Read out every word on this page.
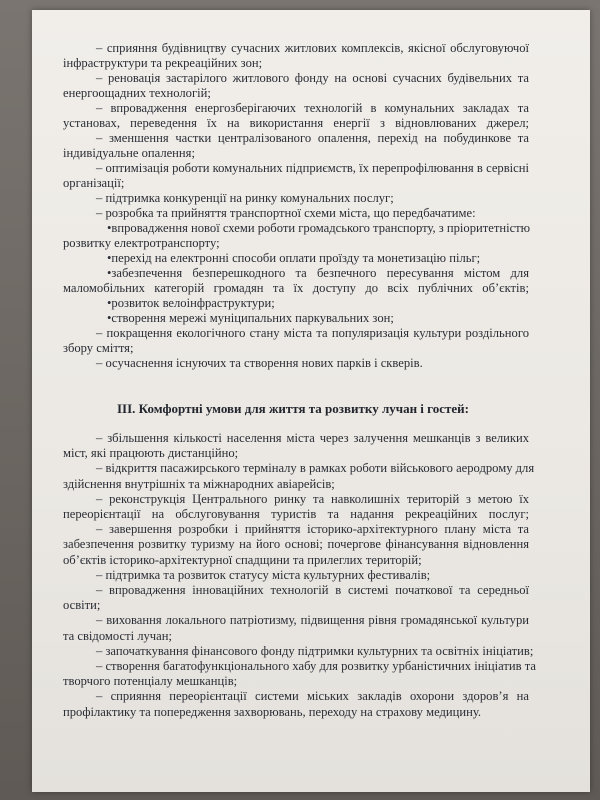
– сприяння будівництву сучасних житлових комплексів, якісної обслуговуючої
інфраструктури та рекреаційних зон;
– реновація застарілого житлового фонду на основі сучасних будівельних та
енергоощадних технологій;
– впровадження енергозберігаючих технологій в комунальних закладах та
установах, переведення їх на використання енергії з відновлюваних джерел;
– зменшення частки централізованого опалення, перехід на побудинкове та
індивідуальне опалення;
– оптимізація роботи комунальних підприємств, їх перепрофілювання в сервісні
організації;
– підтримка конкуренції на ринку комунальних послуг;
– розробка та прийняття транспортної схеми міста, що передбачатиме:
•впровадження нової схеми роботи громадського транспорту, з пріоритетністю
розвитку електротранспорту;
•перехід на електронні способи оплати проїзду та монетизацію пільг;
•забезпечення безперешкодного та безпечного пересування містом для
маломобільних категорій громадян та їх доступу до всіх публічних об’єктів;
•розвиток велоінфраструктури;
•створення мережі муніципальних паркувальних зон;
– покращення екологічного стану міста та популяризація культури роздільного
збору сміття;
– осучаснення існуючих та створення нових парків і скверів.
III. Комфортні умови для життя та розвитку лучан і гостей:
– збільшення кількості населення міста через залучення мешканців з великих
міст, які працюють дистанційно;
– відкриття пасажирського терміналу в рамках роботи військового аеродрому для
здійснення внутрішніх та міжнародних авіарейсів;
– реконструкція Центрального ринку та навколишніх територій з метою їх
переорієнтації на обслуговування туристів та надання рекреаційних послуг;
– завершення розробки і прийняття історико-архітектурного плану міста та
забезпечення розвитку туризму на його основі; почергове фінансування відновлення
об’єктів історико-архітектурної спадщини та прилеглих територій;
– підтримка та розвиток статусу міста культурних фестивалів;
– впровадження інноваційних технологій в системі початкової та середньої
освіти;
– виховання локального патріотизму, підвищення рівня громадянської культури
та свідомості лучан;
– започаткування фінансового фонду підтримки культурних та освітніх ініціатив;
– створення багатофункціонального хабу для розвитку урбаністичних ініціатив та
творчого потенціалу мешканців;
– сприяння переорієнтації системи міських закладів охорони здоров’я на
профілактику та попередження захворювань, переходу на страхову медицину.
